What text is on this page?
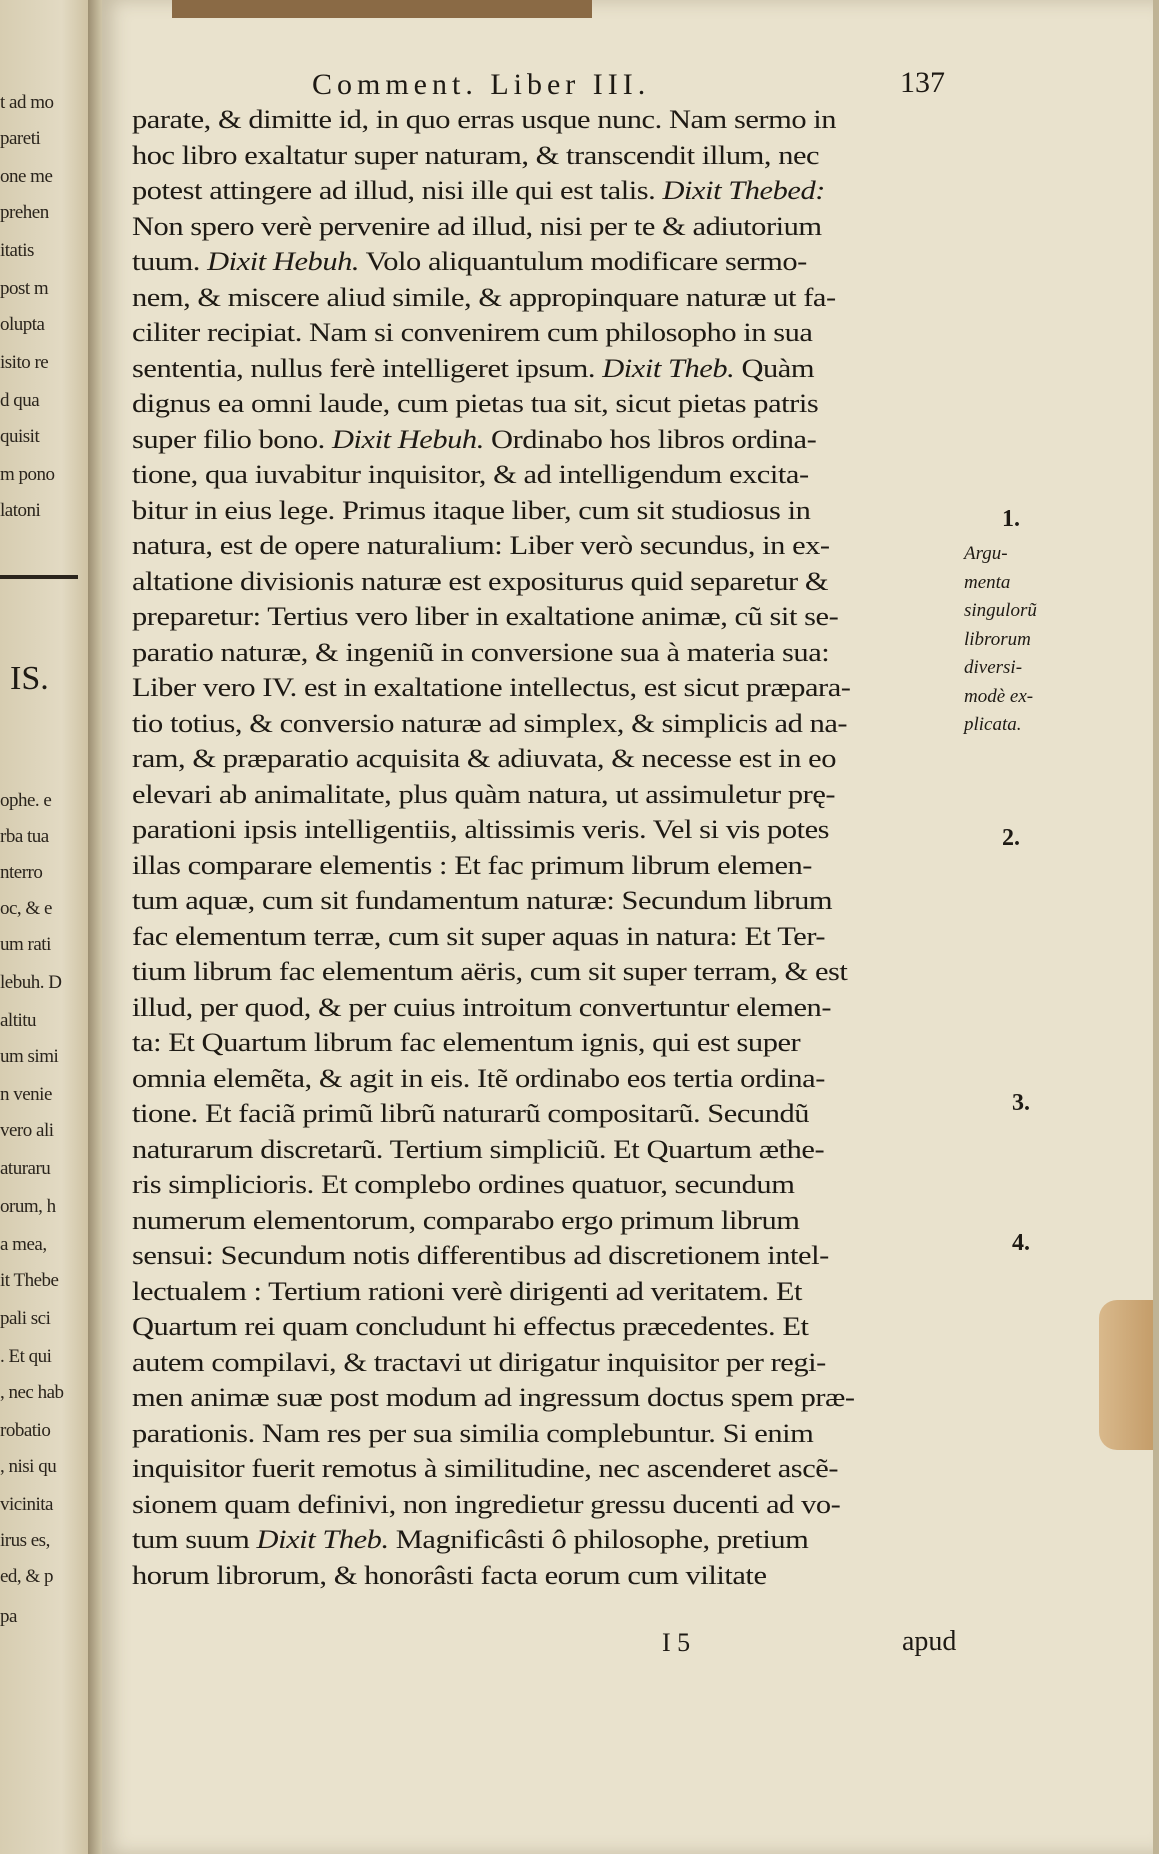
t ad mo
pareti
one me
prehen
itatis
post m
olupta
isito re
d qua
quisit
m pono
latoni
ophe. e
rba tua
nterro
oc, & e
um rati
lebuh. D
altitu
um simi
n venie
vero ali
aturaru
orum, h
a mea,
it Thebe
pali sci
. Et qui
, nec hab
robatio
, nisi qu
vicinita
irus es,
ed, & p
pa
IS.
Comment. Liber III.	137
parate, & dimitte id, in quo erras usque nunc. Nam sermo in
hoc libro exaltatur super naturam, & transcendit illum, nec
potest attingere ad illud, nisi ille qui est talis. Dixit Thebed:
Non spero verè pervenire ad illud, nisi per te & adiutorium
tuum. Dixit Hebuh. Volo aliquantulum modificare sermo-
nem, & miscere aliud simile, & appropinquare naturæ ut fa-
ciliter recipiat. Nam si convenirem cum philosopho in sua
sententia, nullus ferè intelligeret ipsum. Dixit Theb. Quàm
dignus ea omni laude, cum pietas tua sit, sicut pietas patris
super filio bono. Dixit Hebuh. Ordinabo hos libros ordina-
tione, qua iuvabitur inquisitor, & ad intelligendum excita-
bitur in eius lege. Primus itaque liber, cum sit studiosus in
natura, est de opere naturalium: Liber verò secundus, in ex-
altatione divisionis naturæ est expositurus quid separetur &
preparetur: Tertius vero liber in exaltatione animæ, cũ sit se-
paratio naturæ, & ingeniũ in conversione sua à materia sua:
Liber vero IV. est in exaltatione intellectus, est sicut præpara-
tio totius, & conversio naturæ ad simplex, & simplicis ad na-
ram, & præparatio acquisita & adiuvata, & necesse est in eo
elevari ab animalitate, plus quàm natura, ut assimuletur prę-
parationi ipsis intelligentiis, altissimis veris. Vel si vis potes
illas comparare elementis : Et fac primum librum elemen-
tum aquæ, cum sit fundamentum naturæ: Secundum librum
fac elementum terræ, cum sit super aquas in natura: Et Ter-
tium librum fac elementum aëris, cum sit super terram, & est
illud, per quod, & per cuius introitum convertuntur elemen-
ta: Et Quartum librum fac elementum ignis, qui est super
omnia elemẽta, & agit in eis. Itẽ ordinabo eos tertia ordina-
tione. Et faciã primũ librũ naturarũ compositarũ. Secundũ
naturarum discretarũ. Tertium simpliciũ. Et Quartum æthe-
ris simplicioris. Et complebo ordines quatuor, secundum
numerum elementorum, comparabo ergo primum librum
sensui: Secundum notis differentibus ad discretionem intel-
lectualem : Tertium rationi verè dirigenti ad veritatem. Et
Quartum rei quam concludunt hi effectus præcedentes. Et
autem compilavi, & tractavi ut dirigatur inquisitor per regi-
men animæ suæ post modum ad ingressum doctus spem præ-
parationis. Nam res per sua similia complebuntur. Si enim
inquisitor fuerit remotus à similitudine, nec ascenderet ascẽ-
sionem quam definivi, non ingredietur gressu ducenti ad vo-
tum suum Dixit Theb. Magnificâsti ô philosophe, pretium
horum librorum, & honorâsti facta eorum cum vilitate
1.
2.
3.
4.
Argu-
menta
singulorũ
librorum
diversi-
modè ex-
plicata.
I 5	apud
